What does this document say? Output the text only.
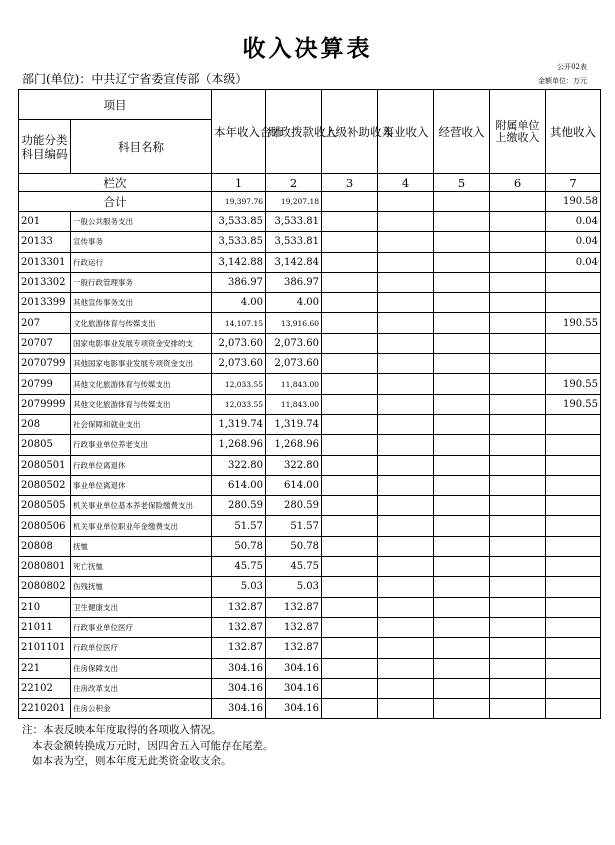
收入决算表
公开02表
部门(单位)：中共辽宁省委宣传部（本级）	金额单位：万元
项目		本年收入合计	财政拨款收入	上级补助收入	事业收入	经营收入	附属单位上缴收入	其他收入
功能分类科目编码	科目名称							

栏次		1	2	3	4	5	6	7
合计		19,397.76	19,207.18					190.58
201	一般公共服务支出	3,533.85	3,533.81					0.04
20133	宣传事务	3,533.85	3,533.81					0.04
2013301	行政运行	3,142.88	3,142.84					0.04
2013302	一般行政管理事务	386.97	386.97					
2013399	其他宣传事务支出	4.00	4.00					
207	文化旅游体育与传媒支出	14,107.15	13,916.60					190.55
20707	国家电影事业发展专项资金安排的支	2,073.60	2,073.60					
2070799	其他国家电影事业发展专项资金支出	2,073.60	2,073.60					
20799	其他文化旅游体育与传媒支出	12,033.55	11,843.00					190.55
2079999	其他文化旅游体育与传媒支出	12,033.55	11,843.00					190.55
208	社会保障和就业支出	1,319.74	1,319.74					
20805	行政事业单位养老支出	1,268.96	1,268.96					
2080501	行政单位离退休	322.80	322.80					
2080502	事业单位离退休	614.00	614.00					
2080505	机关事业单位基本养老保险缴费支出	280.59	280.59					
2080506	机关事业单位职业年金缴费支出	51.57	51.57					
20808	抚恤	50.78	50.78					
2080801	死亡抚恤	45.75	45.75					
2080802	伤残抚恤	5.03	5.03					
210	卫生健康支出	132.87	132.87					
21011	行政事业单位医疗	132.87	132.87					
2101101	行政单位医疗	132.87	132.87					
221	住房保障支出	304.16	304.16					
22102	住房改革支出	304.16	304.16					
2210201	住房公积金	304.16	304.16					
注：本表反映本年度取得的各项收入情况。
本表金额转换成万元时，因四舍五入可能存在尾差。
如本表为空，则本年度无此类资金收支余。
